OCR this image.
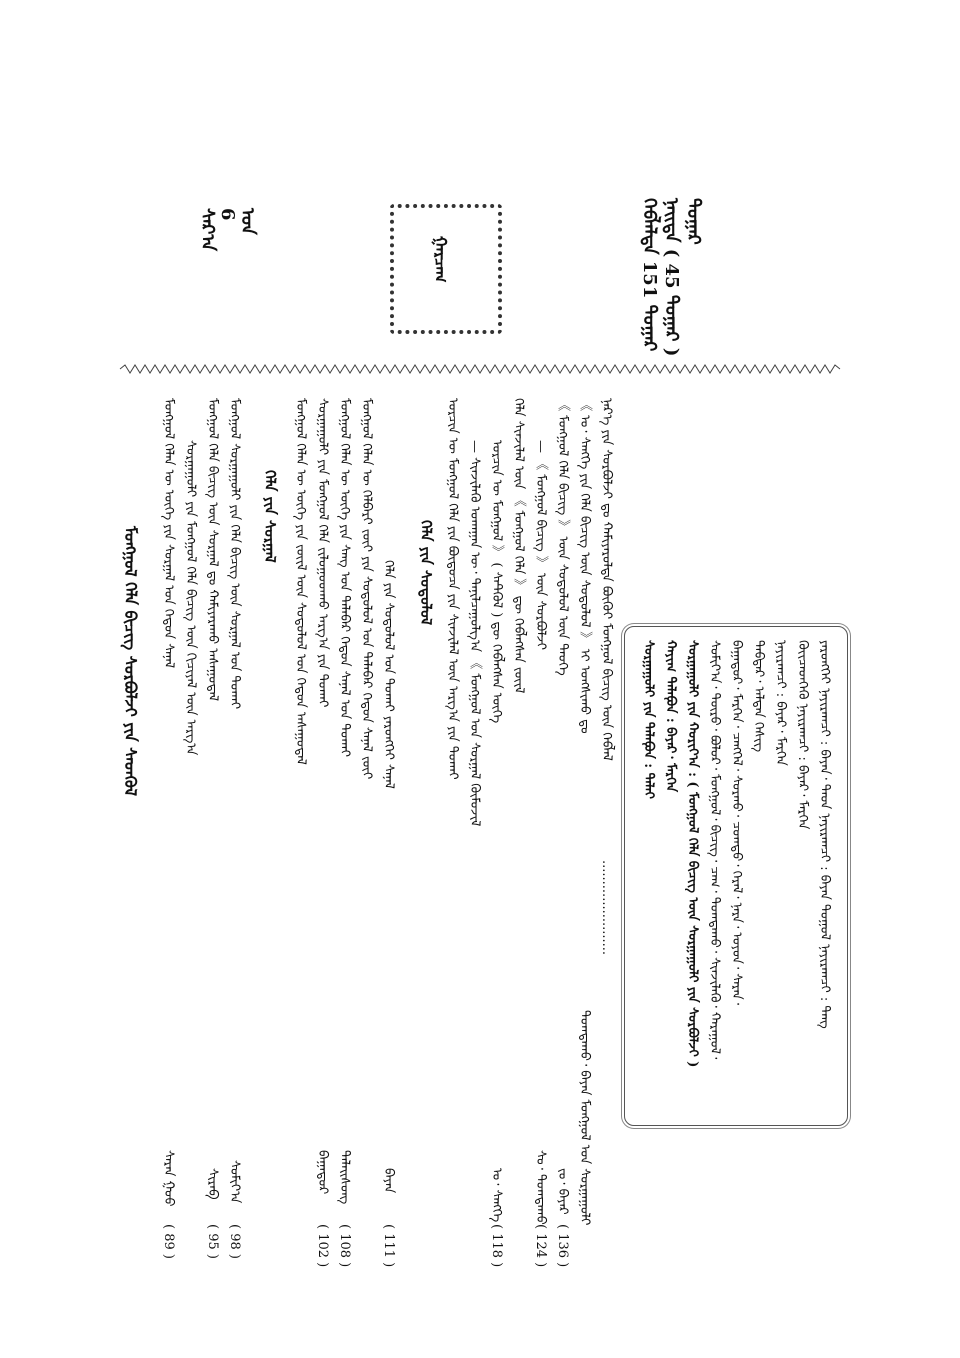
ᠳᠤᠭᠠᠷ
ᠨᠡᠢᠲᠡ ( 45 ᠳᠤᠭᠠᠷ )
ᠬᠡᠪᠯᠡᠯᠲᠡ 151 ᠳᠤᠭᠠᠷ
ᠭᠠᠷᠴᠠᠭ
ᠣᠨ
6
ᠰᠠᠷ᠎ᠠ
ᠶᠡᠷᠦᠩᠬᠡᠢ ᠨᠠᠶᠢᠷᠠᠭᠴᠢ : ᠪᠠᠶᠠᠨ᠂ ᠳᠡᠳ ᠨᠠᠶᠢᠷᠠᠭᠴᠢ : ᠪᠠᠶᠠᠨ ᠲᠤᠭᠤᠯ ᠨᠠᠶᠢᠷᠠᠭᠴᠢ : ᠲᠠᠩ
ᠭᠦᠢᠴᠡᠳᠬᠡᠬᠦ ᠨᠠᠶᠢᠷᠠᠭᠴᠢ : ᠪᠠᠶᠠᠷ᠂ ᠮᠡᠷᠭᠡᠨ
ᠨᠠᠶᠢᠷᠠᠭᠴᠢ : ᠪᠠᠶᠠᠷ᠂ ᠮᠡᠷᠭᠡᠨ
ᠳᠡᠪᠲᠡᠷ᠂ ᠠᠯᠲᠠᠨ ᠬᠡᠰᠢᠭ
ᠪᠠᠭᠠᠲᠤᠷ᠂ ᠮᠡᠷᠭᠡᠨ᠂ ᠴᠡᠩᠭᠡᠯ᠂ ᠰᠤᠷᠬᠤ᠂ ᠴᠣᠭᠲᠤ᠂ ᠭᠡᠷᠡᠯ᠂ ᠨᠠᠷᠠ᠂ ᠣᠶᠤᠨ᠂ ᠰᠠᠷᠠᠨ᠂
ᠰᠤᠮᠢᠶ᠎ᠠ᠂ ᠲᠦᠷᠦ᠂ ᠪᠤᠯᠤᠷ᠂ ᠮᠣᠩᠭᠣᠯ᠂ ᠪᠢᠴᠢᠭ᠂ ᠴᠠᠭ᠂ ᠲᠣᠭᠲᠠᠬᠤ᠂ ᠰᠢᠨᠵᠢᠯᠡᠬᠦ᠂ ᠬᠠᠷᠠᠭᠤᠯ᠂
ᠰᠤᠷᠭᠠᠭᠤᠯᠢ ᠶᠢᠨ ᠬᠣᠷᠢᠶ᠎ᠠ : ( ᠮᠣᠩᠭᠣᠯ ᠬᠡᠯᠡ ᠪᠢᠴᠢᠭ ᠦᠨ ᠰᠤᠷᠭᠠᠭᠤᠯᠢ ᠶᠢᠨ ᠰᠤᠷᠪᠤᠯᠵᠢ )
ᠬᠠᠶᠢᠭ ᠲᠡᠯᠡᠹᠤᠨ : ᠪᠠᠶᠠᠷ᠂ ᠮᠡᠷᠭᠡᠨ
ᠰᠤᠷᠭᠠᠭᠤᠯᠢ ᠶᠢᠨ ᠲᠡᠯᠡᠹᠤᠨ : ᠳᠠᠯᠠᠢ
ᠨᠡᠷ᠎ᠡ ᠶᠢᠨ ᠰᠤᠷᠪᠤᠯᠵᠢ ᠳᠤ ᠬᠠᠮᠢᠶᠠᠷᠤᠯᠲᠠ ᠪᠦᠬᠦᠢ ᠮᠣᠩᠭᠣᠯ ᠪᠢᠴᠢᠭ ᠦᠨ ᠬᠡᠪᠯᠡᠯ
.......................
《 ᠣ᠂ ᠰᠡᠩᠭᠡ ᠶᠢᠨ ᠬᠡᠯᠡ ᠪᠢᠴᠢᠭ ᠦᠨ ᠰᠤᠳᠤᠯᠤᠯ 》 ᠢ ᠤᠩᠰᠢᠬᠤ ᠳᠤ
ᠲᠣᠭᠲᠠᠬᠤ᠂ ᠪᠠᠶᠠᠨ ᠮᠣᠩᠭᠣᠯ ᠤᠨ ᠰᠤᠷᠭᠠᠭᠤᠯᠢ
《 ᠮᠣᠩᠭᠣᠯ ᠬᠡᠯᠡ ᠪᠢᠴᠢᠭ 》 ᠦᠨ ᠰᠤᠳᠤᠯᠤᠯ ᠦᠨ ᠲᠡᠦᠬᠡ
ᠵᠣ᠂ ᠪᠠᠶᠠᠷ
( 136 )
— 《 ᠮᠣᠩᠭᠣᠯ ᠪᠢᠴᠢᠭ 》 ᠦᠨ ᠰᠤᠷᠪᠤᠯᠵᠢ
ᠰᠤ᠂ ᠲᠣᠭᠲᠠᠬᠤ
( 124 )
ᠬᠡᠯᠡ ᠰᠢᠨᠵᠢᠯᠡᠯ ᠦᠨ 《 ᠮᠣᠩᠭᠣᠯ ᠬᠡᠯᠡ 》 ᠳᠦ ᠬᠡᠪᠯᠡᠭᠰᠡᠨ ᠵᠦᠢᠯ
ᠣᠷᠴᠢᠨ ᠦ ᠮᠣᠩᠭᠣᠯ 》 ( ᠰᠡᠲᠬᠦᠯ ) ᠳᠦ ᠬᠡᠪᠯᠡᠭᠰᠡᠨ ᠦᠭᠡ
ᠣ᠂ ᠰᠡᠩᠭᠡ
( 118 )
— ᠰᠢᠨᠵᠢᠯᠡᠬᠦ ᠤᠬᠠᠭᠠᠨ ᠦ᠂ ᠲᠠᠨᠢᠯᠴᠠᠭᠤᠯᠭ᠎ᠠ 《 ᠮᠣᠩᠭᠣᠯ ᠤᠨ ᠰᠤᠷᠭᠠᠯ ᠬᠦᠮᠦᠵᠢᠯ
ᠣᠷᠴᠢᠨ ᠦ ᠮᠣᠩᠭᠣᠯ ᠬᠡᠯᠡ ᠶᠢᠨ ᠪᠦᠲᠦᠴᠡ ᠶᠢᠨ ᠰᠢᠨᠵᠢᠯᠡᠯ ᠦᠨ ᠠᠷᠭ᠎ᠠ ᠶᠢᠨ ᠲᠤᠬᠠᠢ
ᠬᠡᠯᠡ ᠶᠢᠨ ᠰᠤᠳᠤᠯᠤᠯ
ᠬᠡᠯᠡ ᠶᠢᠨ ᠰᠤᠳᠤᠯᠤᠯ ᠤᠨ ᠲᠤᠬᠠᠢ ᠶᠡᠷᠦᠩᠬᠡᠢ ᠰᠠᠨᠠᠯ
ᠪᠠᠶᠠᠨ
( 111 )
ᠮᠣᠩᠭᠣᠯ ᠬᠡᠯᠡᠨ ᠦ ᠬᠡᠯᠪᠡᠷᠢ ᠵᠦᠢ ᠶᠢᠨ ᠰᠤᠳᠤᠯᠤᠯ ᠤᠨ ᠲᠠᠯᠠᠪᠠᠷ ᠬᠡᠳᠦᠨ ᠰᠠᠨᠠᠯ ᠵᠦᠢ
ᠮᠣᠩᠭᠣᠯ ᠬᠡᠯᠡᠨ ᠦ ᠦᠭᠡ ᠶᠢᠨ ᠰᠠᠩ ᠤᠨ ᠲᠠᠯᠠᠪᠠᠷ ᠬᠡᠳᠦᠨ ᠰᠠᠨᠠᠯ ᠤᠨ ᠲᠤᠬᠠᠢ
ᠳᠠᠯᠠᠢᠰᠦᠩ
( 108 )
ᠰᠤᠷᠭᠠᠭᠤᠯᠢ ᠶᠢᠨ ᠮᠣᠩᠭᠣᠯ ᠬᠡᠯᠡ ᠵᠢᠯᠤᠭᠣᠳᠬᠤ ᠠᠷᠭ᠎ᠠ ᠶᠢᠨ ᠲᠤᠬᠠᠢ
ᠪᠠᠭᠠᠲᠤᠷ
( 102 )
ᠮᠣᠩᠭᠣᠯ ᠬᠡᠯᠡᠨ ᠦ ᠦᠭᠡ ᠶᠢᠨ ᠵᠦᠢᠯ ᠦᠨ ᠰᠤᠳᠤᠯᠤᠯ ᠤᠨ ᠬᠡᠳᠦᠨ ᠠᠰᠠᠭᠤᠳᠠᠯ
ᠬᠡᠯᠡ ᠶᠢᠨ ᠰᠤᠷᠭᠠᠯ
ᠮᠣᠩᠭᠣᠯ ᠰᠤᠷᠭᠠᠭᠤᠯᠢ ᠶᠢᠨ ᠬᠡᠯᠡ ᠪᠢᠴᠢᠭ ᠦᠨ ᠰᠤᠷᠭᠠᠯ ᠤᠨ ᠲᠤᠬᠠᠢ
ᠰᠤᠮᠢᠶ᠎ᠠ
( 98 )
ᠮᠣᠩᠭᠣᠯ ᠬᠡᠯᠡ ᠪᠢᠴᠢᠭ ᠦᠨ ᠰᠤᠷᠭᠠᠯ ᠳᠤ ᠬᠠᠮᠢᠶᠠᠷᠠᠬᠤ ᠠᠰᠠᠭᠤᠳᠠᠯ
ᠰᠢᠷᠠᠪ
( 95 )
ᠰᠤᠷᠭᠠᠭᠤᠯᠢ ᠶᠢᠨ ᠮᠣᠩᠭᠣᠯ ᠬᠡᠯᠡ ᠪᠢᠴᠢᠭ ᠦᠨ ᠬᠢᠴᠢᠶᠡᠯ ᠦᠨ ᠠᠷᠭ᠎ᠠ
ᠮᠣᠩᠭᠣᠯ ᠬᠡᠯᠡᠨ ᠦ ᠦᠭᠡ ᠶᠢᠨ ᠰᠤᠷᠭᠠᠯ ᠤᠨ ᠬᠡᠳᠦᠨ ᠰᠠᠨᠠᠯ
ᠰᠠᠷᠠᠨ ᠭᠣᠣ
( 89 )
ᠮᠣᠩᠭᠣᠯ ᠬᠡᠯᠡ ᠪᠢᠴᠢᠭ ᠰᠤᠷᠪᠤᠯᠵᠢ ᠶᠢᠨ ᠰᠡᠳᠬᠦᠯ
